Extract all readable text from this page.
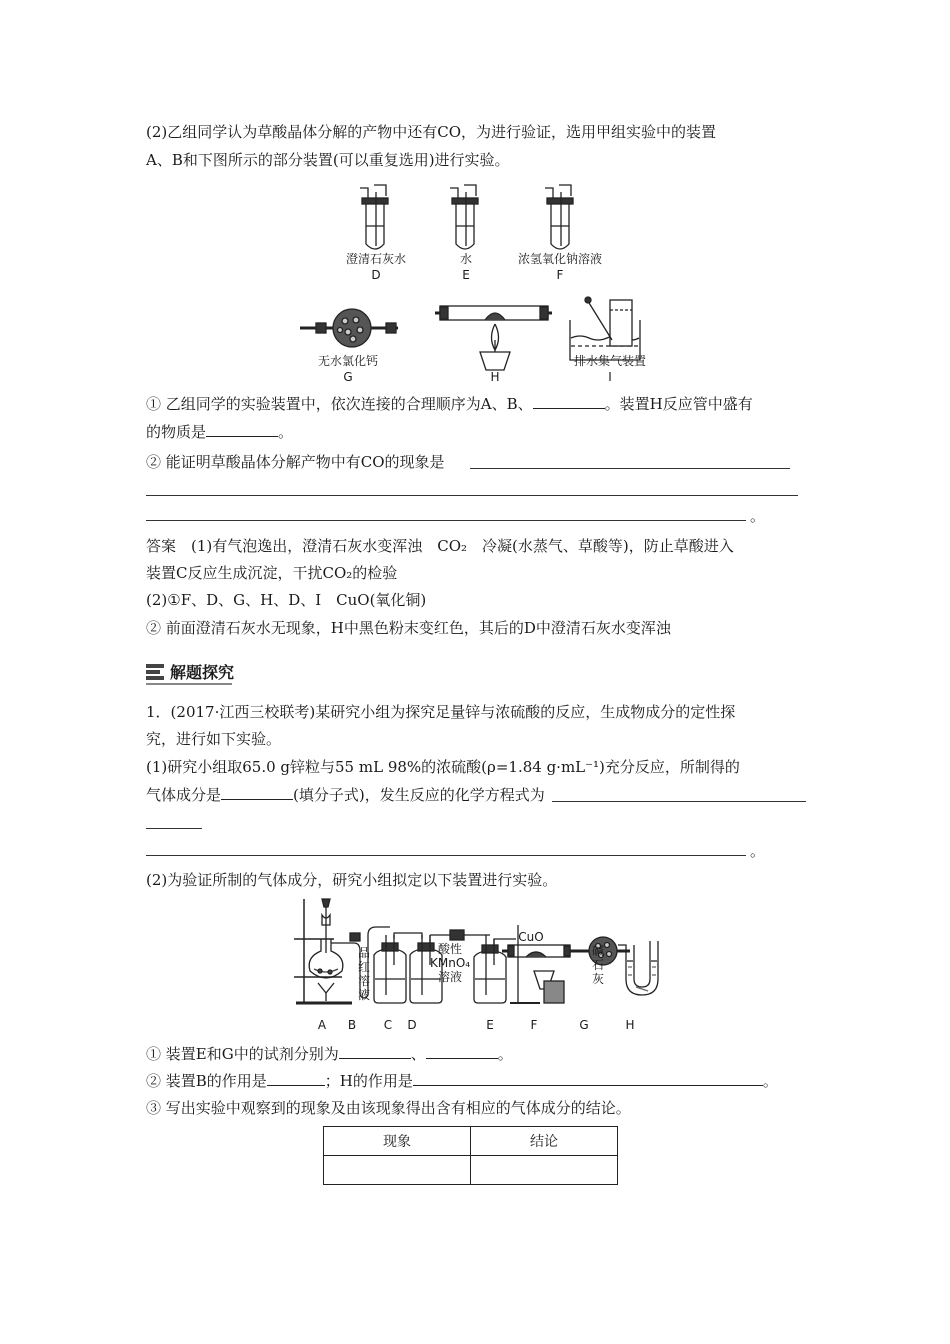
(2)乙组同学认为草酸晶体分解的产物中还有CO，为进行验证，选用甲组实验中的装置
A、B和下图所示的部分装置(可以重复选用)进行实验。
澄清石灰水
D
水
E
浓氢氧化钠溶液
F
无水氯化钙
G	H
排水集气装置
I
① 乙组同学的实验装置中，依次连接的合理顺序为A、B、	。装置H反应管中盛有
的物质是	。
② 能证明草酸晶体分解产物中有CO的现象是
。
答案　(1)有气泡逸出，澄清石灰水变浑浊　CO₂　冷凝(水蒸气、草酸等)，防止草酸进入
装置C反应生成沉淀，干扰CO₂的检验
(2)①F、D、G、H、D、I　CuO(氧化铜)
② 前面澄清石灰水无现象，H中黑色粉末变红色，其后的D中澄清石灰水变浑浊
解题探究
1．(2017·江西三校联考)某研究小组为探究足量锌与浓硫酸的反应，生成物成分的定性探
究，进行如下实验。
(1)研究小组取65.0 g锌粒与55 mL 98%的浓硫酸(ρ=1.84 g·mL⁻¹)充分反应，所制得的
气体成分是	(填分子式)，发生反应的化学方程式为
。
(2)为验证所制的气体成分，研究小组拟定以下装置进行实验。
品红溶液
酸性
KMnO₄
溶液
CuO
碱石灰
A	B	C	D	E	F	G	H
① 装置E和G中的试剂分别为	、	。
② 装置B的作用是	；H的作用是	。
③ 写出实验中观察到的现象及由该现象得出含有相应的气体成分的结论。
现象	结论
